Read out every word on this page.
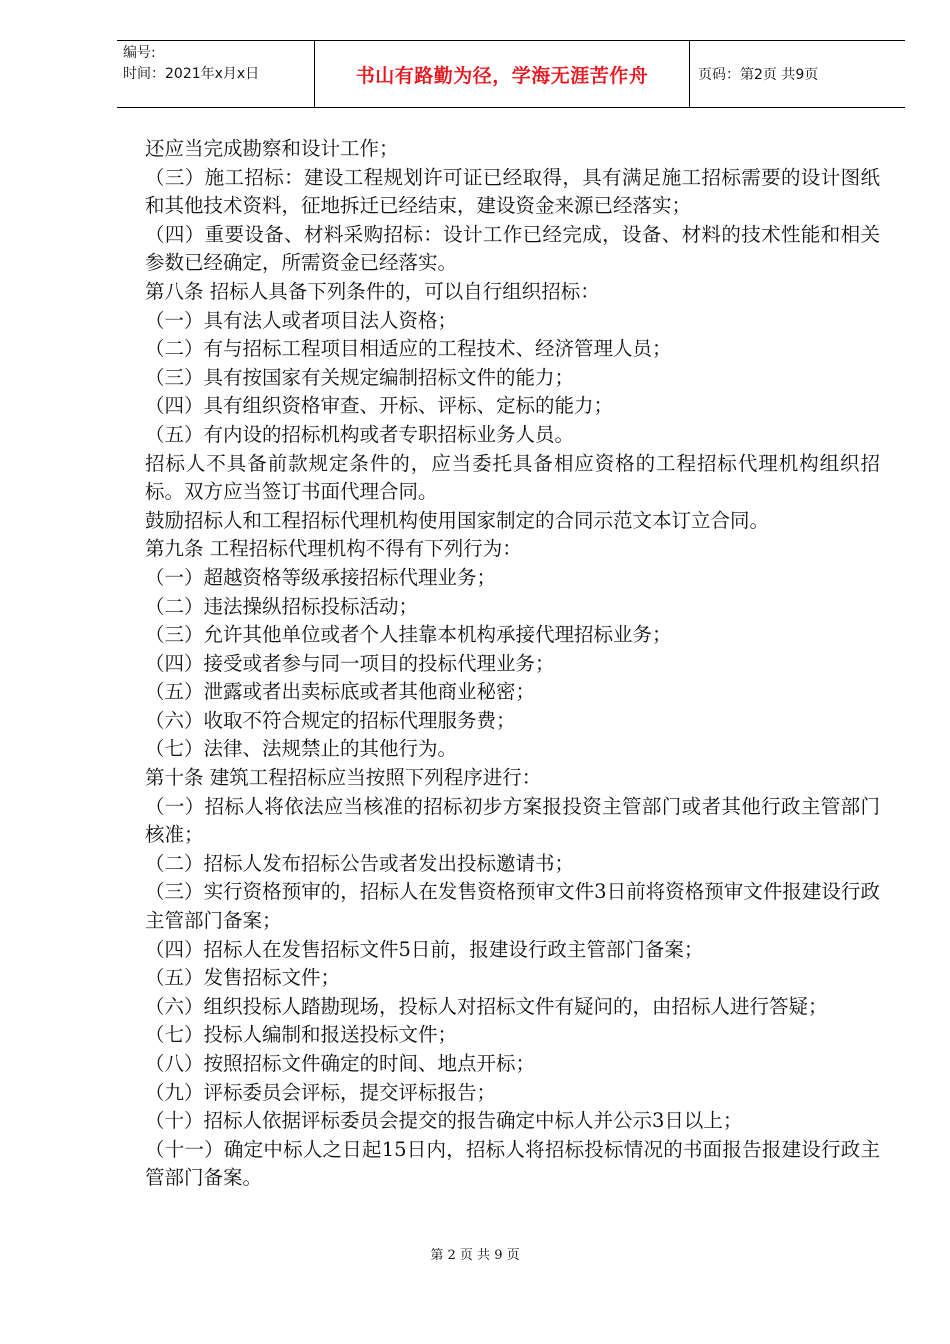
编号:
时间：2021年x月x日	书山有路勤为径，学海无涯苦作舟	页码：第2页 共9页

还应当完成勘察和设计工作；

（三）施工招标：建设工程规划许可证已经取得，具有满足施工招标需要的设计图纸和其他技术资料，征地拆迁已经结束，建设资金来源已经落实；

（四）重要设备、材料采购招标：设计工作已经完成，设备、材料的技术性能和相关参数已经确定，所需资金已经落实。

第八条 招标人具备下列条件的，可以自行组织招标：

（一）具有法人或者项目法人资格；

（二）有与招标工程项目相适应的工程技术、经济管理人员；

（三）具有按国家有关规定编制招标文件的能力；

（四）具有组织资格审查、开标、评标、定标的能力；

（五）有内设的招标机构或者专职招标业务人员。

招标人不具备前款规定条件的，应当委托具备相应资格的工程招标代理机构组织招标。双方应当签订书面代理合同。

鼓励招标人和工程招标代理机构使用国家制定的合同示范文本订立合同。

第九条 工程招标代理机构不得有下列行为：

（一）超越资格等级承接招标代理业务；

（二）违法操纵招标投标活动；

（三）允许其他单位或者个人挂靠本机构承接代理招标业务；

（四）接受或者参与同一项目的投标代理业务；

（五）泄露或者出卖标底或者其他商业秘密；

（六）收取不符合规定的招标代理服务费；

（七）法律、法规禁止的其他行为。

第十条 建筑工程招标应当按照下列程序进行：

（一）招标人将依法应当核准的招标初步方案报投资主管部门或者其他行政主管部门核准；

（二）招标人发布招标公告或者发出投标邀请书；

（三）实行资格预审的，招标人在发售资格预审文件3日前将资格预审文件报建设行政主管部门备案；

（四）招标人在发售招标文件5日前，报建设行政主管部门备案；

（五）发售招标文件；

（六）组织投标人踏勘现场，投标人对招标文件有疑问的，由招标人进行答疑；

（七）投标人编制和报送投标文件；

（八）按照招标文件确定的时间、地点开标；

（九）评标委员会评标，提交评标报告；

（十）招标人依据评标委员会提交的报告确定中标人并公示3日以上；

（十一）确定中标人之日起15日内，招标人将招标投标情况的书面报告报建设行政主管部门备案。

第 2 页 共 9 页
